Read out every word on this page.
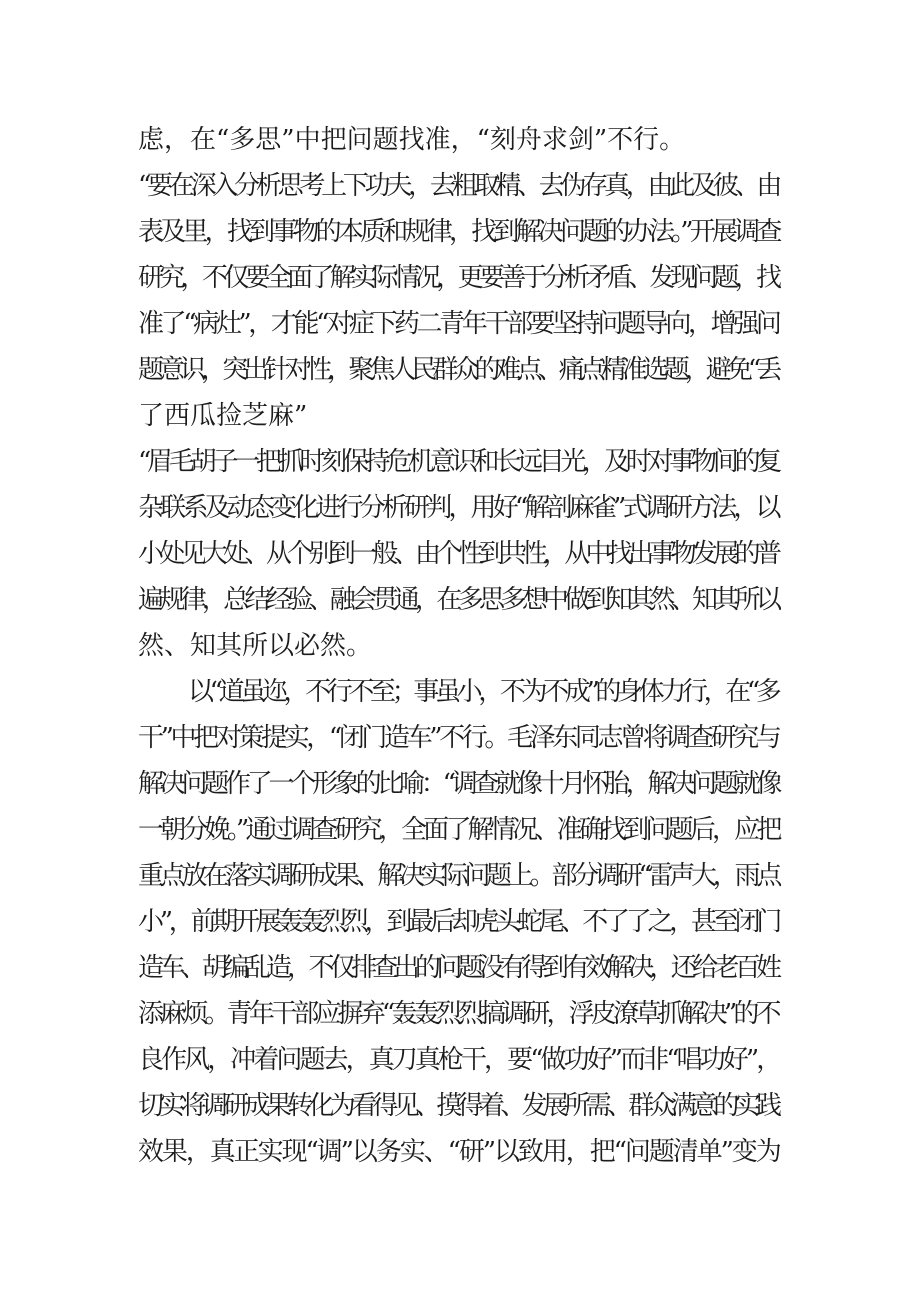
虑，在“多思”中把问题找准，“刻舟求剑”不行。
“要在深入分析思考上下功夫，去粗取精、去伪存真，由此及彼、由
表及里，找到事物的本质和规律，找到解决问题的办法。”开展调查
研究，不仅要全面了解实际情况，更要善于分析矛盾、发现问题，找
准了“病灶”，才能“对症下药二青年干部要坚持问题导向，增强问
题意识，突出针对性，聚焦人民群众的难点、痛点精准选题，避免“丢
了西瓜捡芝麻”
“眉毛胡子一把抓时刻保持危机意识和长远目光，及时对事物间的复
杂联系及动态变化进行分析研判，用好“解剖麻雀”式调研方法，以
小处见大处、从个别到一般、由个性到共性，从中找出事物发展的普
遍规律，总结经验、融会贯通，在多思多想中做到知其然、知其所以
然、知其所以必然。
以“道虽迩，不行不至；事虽小，不为不成”的身体力行，在“多
干”中把对策提实，“闭门造车”不行。毛泽东同志曾将调查研究与
解决问题作了一个形象的比喻：“调查就像十月怀胎，解决问题就像
一朝分娩。”通过调查研究，全面了解情况、准确找到问题后，应把
重点放在落实调研成果、解决实际问题上。部分调研“雷声大，雨点
小”，前期开展轰轰烈烈，到最后却虎头蛇尾、不了了之，甚至闭门
造车、胡编乱造，不仅排查出的问题没有得到有效解决，还给老百姓
添麻烦。青年干部应摒弃“轰轰烈烈搞调研，浮皮潦草抓解决”的不
良作风，冲着问题去，真刀真枪干，要“做功好”而非“唱功好”，
切实将调研成果转化为看得见、摸得着、发展所需、群众满意的实践
效果，真正实现“调”以务实、“研”以致用，把“问题清单”变为
